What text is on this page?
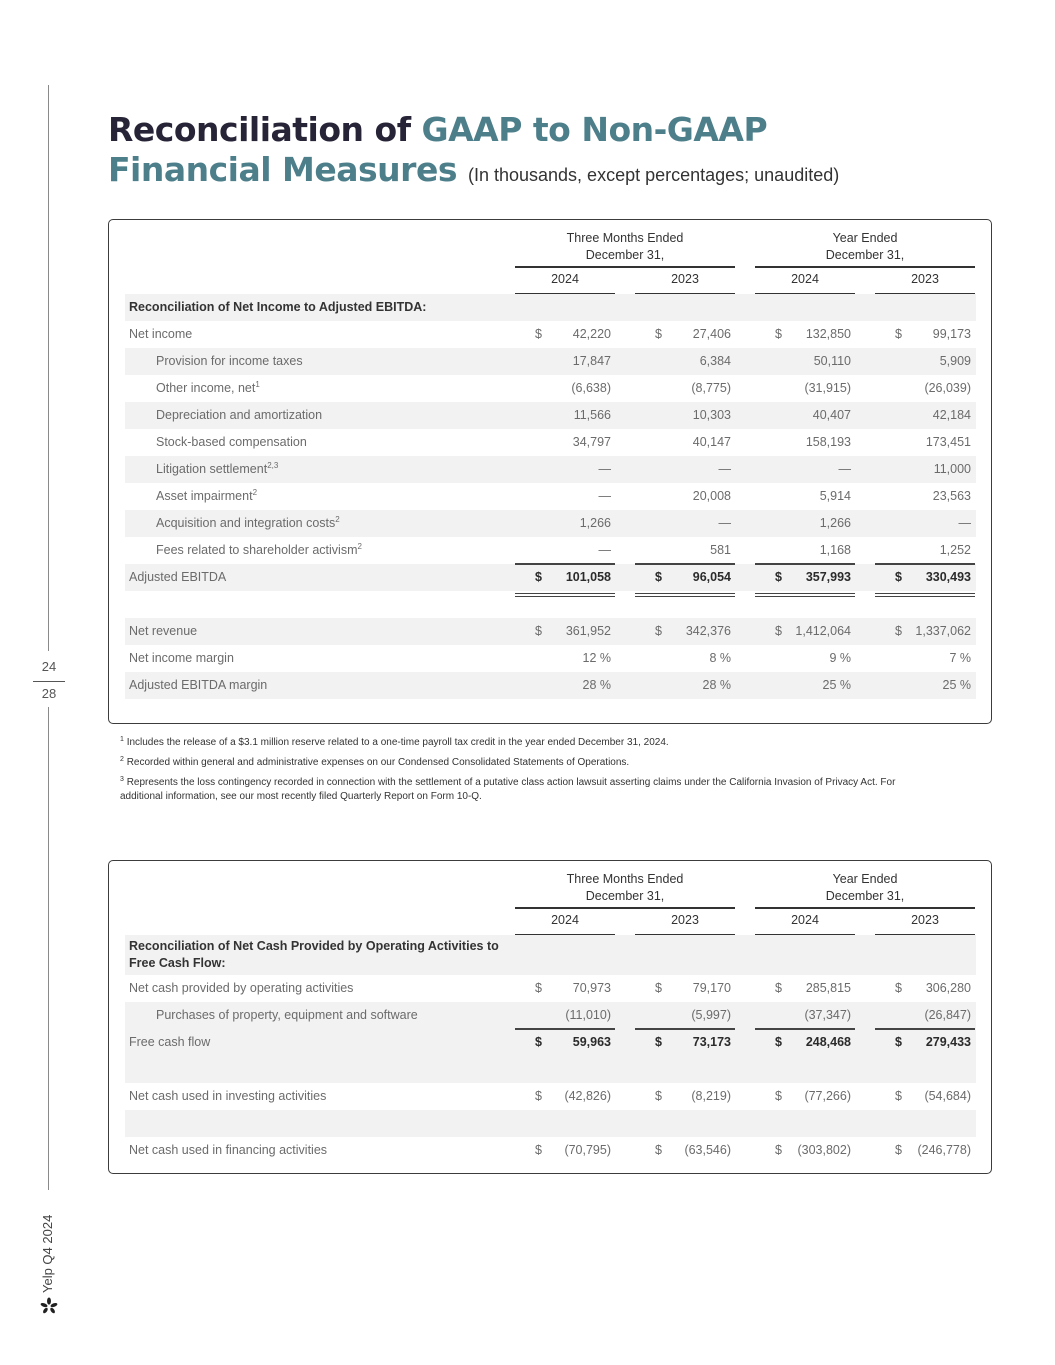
24
28
Yelp Q4 2024
Reconciliation of GAAP to Non-GAAP
Financial Measures (In thousands, except percentages; unaudited)
Three Months Ended
December 31,
Year Ended
December 31,
2024	2023	2024	2023
Reconciliation of Net Income to Adjusted EBITDA:
Net income	$ 42,220	$ 27,406	$ 132,850	$ 99,173
Provision for income taxes	17,847	6,384	50,110	5,909
Other income, net$^1$	(6,638)	(8,775)	(31,915)	(26,039)
Depreciation and amortization	11,566	10,303	40,407	42,184
Stock-based compensation	34,797	40,147	158,193	173,451
Litigation settlement$^{2,3}$	—	—	—	11,000
Asset impairment$^2$	—	20,008	5,914	23,563
Acquisition and integration costs$^2$	1,266	—	1,266	—
Fees related to shareholder activism$^2$	—	581	1,168	1,252
Adjusted EBITDA	$ 101,058	$ 96,054	$ 357,993	$ 330,493
Net revenue	$ 361,952	$ 342,376	$ 1,412,064	$ 1,337,062
Net income margin	12 %	8 %	9 %	7 %
Adjusted EBITDA margin	28 %	28 %	25 %	25 %

$^1$ Includes the release of a $3.1 million reserve related to a one-time payroll tax credit in the year ended December 31, 2024.

$^2$ Recorded within general and administrative expenses on our Condensed Consolidated Statements of Operations.

$^3$ Represents the loss contingency recorded in connection with the settlement of a putative class action lawsuit asserting claims under the California Invasion of Privacy Act. For additional information, see our most recently filed Quarterly Report on Form 10-Q.

Three Months Ended
December 31,
Year Ended
December 31,
2024	2023	2024	2023
Reconciliation of Net Cash Provided by Operating Activities to Free Cash Flow:
Net cash provided by operating activities	$ 70,973	$ 79,170	$ 285,815	$ 306,280
Purchases of property, equipment and software	(11,010)	(5,997)	(37,347)	(26,847)
Free cash flow	$ 59,963	$ 73,173	$ 248,468	$ 279,433
Net cash used in investing activities	$ (42,826)	$ (8,219)	$ (77,266)	$ (54,684)
Net cash used in financing activities	$ (70,795)	$ (63,546)	$ (303,802)	$ (246,778)
